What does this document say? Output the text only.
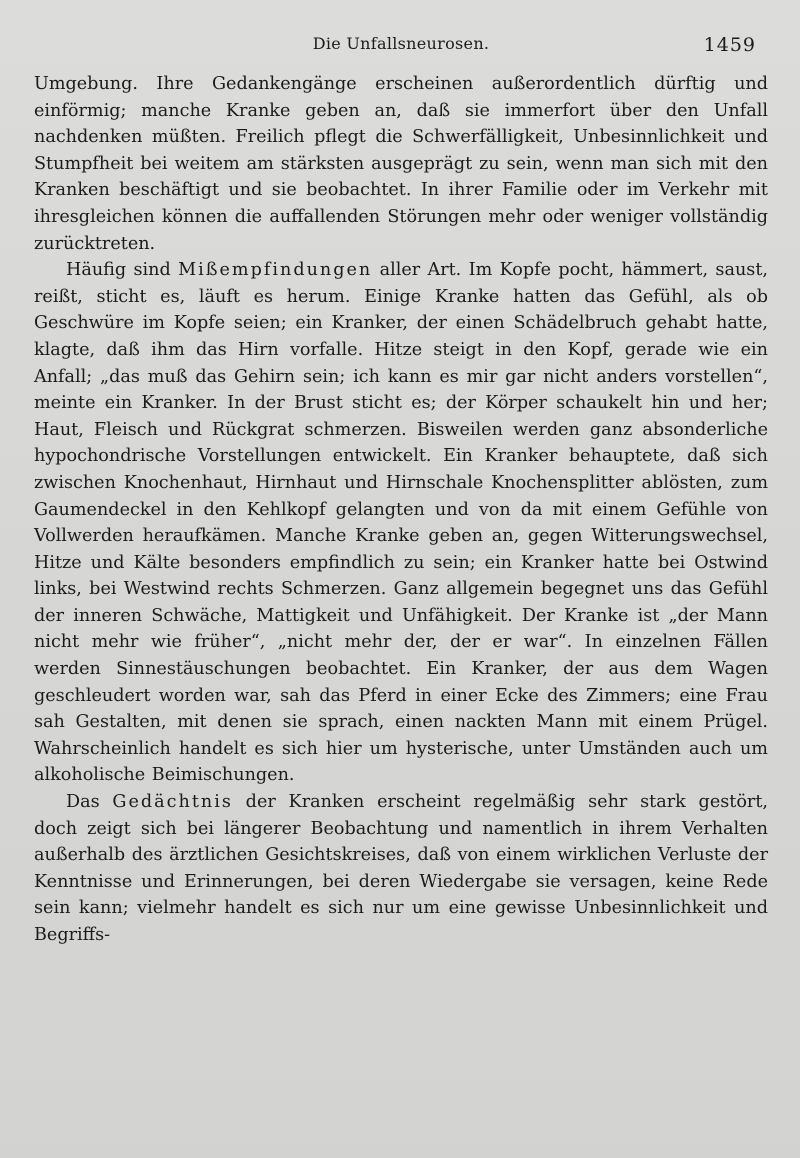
Die Unfallsneurosen.	1459

Umgebung. Ihre Gedankengänge erscheinen außerordentlich dürftig und einförmig; manche Kranke geben an, daß sie immerfort über den Unfall nachdenken müßten. Freilich pflegt die Schwerfälligkeit, Unbesinnlichkeit und Stumpfheit bei weitem am stärksten ausgeprägt zu sein, wenn man sich mit den Kranken beschäftigt und sie beobachtet. In ihrer Familie oder im Verkehr mit ihresgleichen können die auffallenden Störungen mehr oder weniger vollständig zurücktreten.

Häufig sind Mißempfindungen aller Art. Im Kopfe pocht, hämmert, saust, reißt, sticht es, läuft es herum. Einige Kranke hatten das Gefühl, als ob Geschwüre im Kopfe seien; ein Kranker, der einen Schädelbruch gehabt hatte, klagte, daß ihm das Hirn vorfalle. Hitze steigt in den Kopf, gerade wie ein Anfall; „das muß das Gehirn sein; ich kann es mir gar nicht anders vorstellen“, meinte ein Kranker. In der Brust sticht es; der Körper schaukelt hin und her; Haut, Fleisch und Rückgrat schmerzen. Bisweilen werden ganz absonderliche hypochondrische Vorstellungen entwickelt. Ein Kranker behauptete, daß sich zwischen Knochenhaut, Hirnhaut und Hirnschale Knochensplitter ablösten, zum Gaumendeckel in den Kehlkopf gelangten und von da mit einem Gefühle von Vollwerden heraufkämen. Manche Kranke geben an, gegen Witterungswechsel, Hitze und Kälte besonders empfindlich zu sein; ein Kranker hatte bei Ostwind links, bei Westwind rechts Schmerzen. Ganz allgemein begegnet uns das Gefühl der inneren Schwäche, Mattigkeit und Unfähigkeit. Der Kranke ist „der Mann nicht mehr wie früher“, „nicht mehr der, der er war“. In einzelnen Fällen werden Sinnestäuschungen beobachtet. Ein Kranker, der aus dem Wagen geschleudert worden war, sah das Pferd in einer Ecke des Zimmers; eine Frau sah Gestalten, mit denen sie sprach, einen nackten Mann mit einem Prügel. Wahrscheinlich handelt es sich hier um hysterische, unter Umständen auch um alkoholische Beimischungen.

Das Gedächtnis der Kranken erscheint regelmäßig sehr stark gestört, doch zeigt sich bei längerer Beobachtung und namentlich in ihrem Verhalten außerhalb des ärztlichen Gesichtskreises, daß von einem wirklichen Verluste der Kenntnisse und Erinnerungen, bei deren Wiedergabe sie versagen, keine Rede sein kann; vielmehr handelt es sich nur um eine gewisse Unbesinnlichkeit und Begriffs-
